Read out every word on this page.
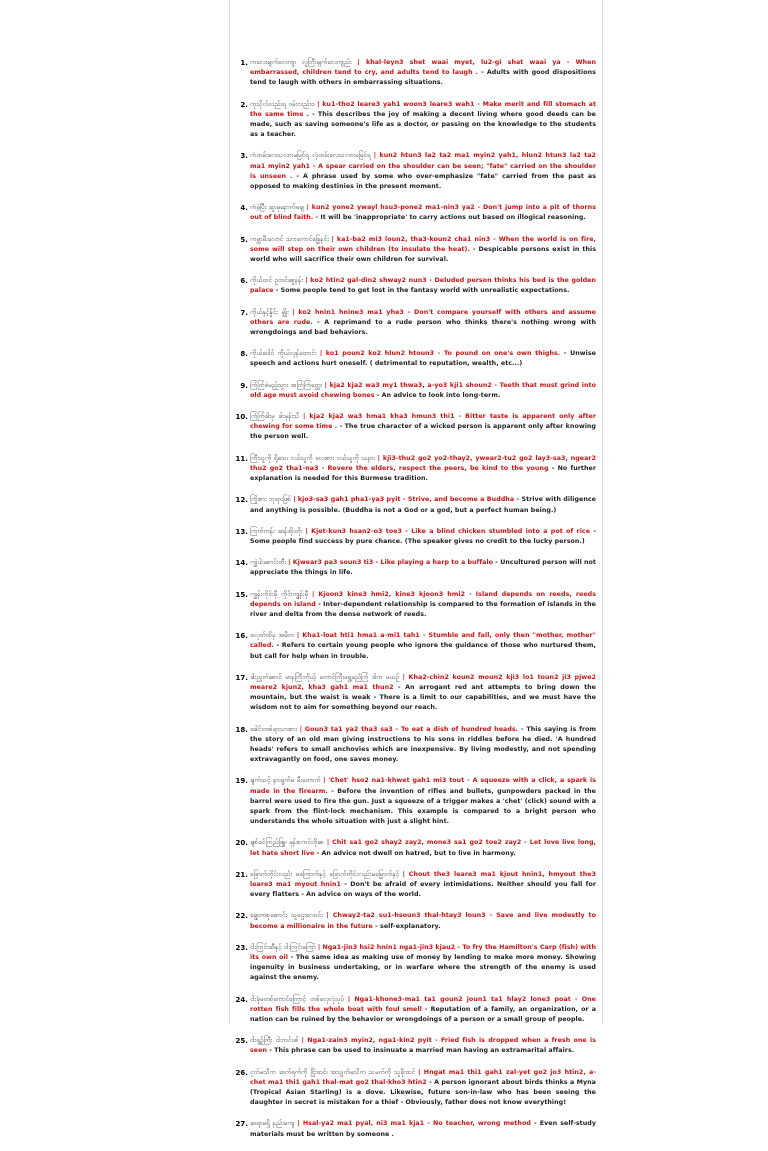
1. ကလေးမျက်လေကျ၊ လူကြီးမျက်လေကျည်း | khal-leyn3 shet waai myet, lu2-gi shat waai ya - When embarrassed, children tend to cry, and adults tend to laugh . - Adults with good dispositions tend to laugh with others in embarrassing situations.
2. ကုသိုလ်လည်းရ ဝမ်းလည်းဝ | ku1-tho2 leare3 yah1 woon3 leare3 wah1 - Make merit and fill stomach at the same time . - This describes the joy of making a decent living where good deeds can be made, such as saving someone's life as a doctor, or passing on the knowledge to the students as a teacher.
3. ကံထမ်းလေသလားမမြင်ရ လှံထမ်းလေသလားမမြင်ရ | kun2 htun3 la2 ta2 ma1 myin2 yah1, hlun2 htun3 la2 ta2 ma1 myin2 yah1 - A spear carried on the shoulder can be seen; "fate" carried on the shoulder is unseen . - A phrase used by some who over-emphasize "fate" carried from the past as opposed to making destinies in the present moment.
4. ကံမဲ့ပြီး ဆူးမှနောက်မချ | kun2 yone2 ywayl hsu3-pone2 ma1-nin3 ya2 - Don't jump into a pit of thorns out of blind faith. - It will be 'inappropriate' to carry actions out based on illogical reasoning.
5. ကမ္ဘာမီးလောင် သားကောင်ခြွေနင်း | ka1-ba2 mi3 loun2, tha3-koun2 cha1 nin3 - When the world is on fire, some will step on their own children (to insulate the heat). - Despicable persons exist in this world who will sacrifice their own children for survival.
6. ကိုယ်ထင် ဥတင်စွေနန်း | ko2 htin2 gal-din2 shway2 nun3 - Deluded person thinks his bed is the golden palace - Some people tend to get lost in the fantasy world with unrealistic expectations.
7. ကိုယ်နှင့်နှိုင်း မျှိုး | ko2 hnin1 hnine3 ma1 yhe3 - Don't compare yourself with others and assume others are rude. - A reprimand to a rude person who thinks there's nothing wrong with wrongdoings and bad behaviors.
8. ကိုယ်ပေါင် ကိုယ်လှန်ထောင်း | ko1 poun2 ko2 hlun2 htoun3 - To pound on one's own thighs. - Unwise speech and actions hurt oneself. ( detrimental to reputation, wealth, etc...)
9. ကြံကြံခဲမည့်သွား အကြံကြံတ္တေး | kja2 kja2 wa3 my1 thwa3, a-yo3 kji1 shoun2 - Teeth that must grind into old age must avoid chewing bones - An advice to look into long-term.
10. ကြံကြံခါးမှ ခါးမှန်းသိ | kja2 kja2 wa3 hma1 kha3 hmun3 thi1 - Bitter taste is apparent only after chewing for some time . - The true character of a wicked person is apparent only after knowing the person well.
11. ကြီးသူကို ရိုသေ၊ ငယ်သူကို လေးစား ငယ်သူကို သနား | kji3-thu2 go2 yo2-thay2, ywear2-tu2 go2 lay3-sa3, ngear2 thu2 go2 tha1-na3 - Revere the elders, respect the peers, be kind to the young - No further explanation is needed for this Burmese tradition.
12. ကြိုးစား ဘုရားဖြစ် | kjo3-sa3 gah1 pha1-ya3 pyit - Strive, and become a Buddha - Strive with diligence and anything is possible. (Buddha is not a God or a god, but a perfect human being.)
13. ကြက်ကန်း ဆန်အိုးတိုး | Kjet-kun3 hsan2-o3 toe3 - Like a blind chicken stumbled into a pot of rice - Some people find success by pure chance. (The speaker gives no credit to the lucky person.)
14. ကျွဲပါးစောင်းတီး | Kjwear3 pa3 soun3 ti3 - Like playing a harp to a buffalo - Uncultured person will not appreciate the things in life.
15. ကျွန်းကိုင်းမှီ ကိုင်းကျွန်းမှီ | Kjoon3 kine3 hmi2, kine3 kjoon3 hmi2 - Island depends on reeds, reeds depends on island - Inter-dependent relationship is compared to the formation of islands in the river and delta from the dense network of reeds.
16. ခလုတ်ထိမှ အမိတ | Kha1-loat hti1 hma1 a-mi1 tah1 - Stumble and fall, only then "mother, mother" called. - Refers to certain young people who ignore the guidance of those who nurtured them, but call for help when in trouble.
17. ခါးညွှတ်စောင် မာနကြီးကိုယ့် တောင်ကြီးရွှေ့မည်ကြံ ဒါက မယဉ် | Kha2-chin2 koun2 moun2 kji3 lo1 toun2 ji3 pjwe2 meare2 kjun2, kha3 gah1 ma1 thun2 - An arrogant red ant attempts to bring down the mountain, but the waist is weak - There is a limit to our capabilities, and we must have the wisdom not to aim for something beyond our reach.
18. ခေါင်းတစ်ရာသားစား | Goun3 ta1 ya2 tha3 sa3 - To eat a dish of hundred heads. - This saying is from the story of an old man giving instructions to his sons in riddles before he died. 'A hundred heads' refers to small anchovies which are inexpensive. By living modestly, and not spending extravagantly on food, one saves money.
19. ချက်သင့် နားရွက်မ မီးတောက် | 'Chet' hso2 na1-khwet gah1 mi3 tout - A squeeze with a click, a spark is made in the firearm. - Before the invention of rifles and bullets, gunpowders packed in the barrel were used to fire the gun. Just a squeeze of a trigger makes a 'chet' (click) sound with a spark from the flint-lock mechanism. This example is compared to a bright person who understands the whole situation with just a slight hint.
20. ချစ်ခင်ကြည်ဖြူ၊ မုန်းစကင်တိုစေ | Chit sa1 go2 shay2 zay2, mone3 sa1 go2 toe2 zay2 - Let love live long, let hate short live - An advice not dwell on hatred, but to live in harmony.
21. ခြောက်တိုင်းလည်း မကြောက်နှင့် ခြောက်တိုင်းလည်းမမြှောက်နှင့် | Chout the3 leare3 ma1 kjout hnin1, hmyout the3 leare3 ma1 myout hnin1 - Don't be afraid of every intimidations. Neither should you fall for every flatters - An advice on ways of the world.
22. ချွေတာစုဆောင်း သူဌေးလောင်း | Chway2-ta2 su1-hsoun3 thal-htay3 loun3 - Save and live modestly to become a millionaire in the future - self-explanatory.
23. ငါးကြင်းဆီနှင့် ငါးကြင်းကြော် | Nga1-jin3 hsi2 hnin1 nga1-jin3 kjau2 - To fry the Hamilton's Carp (fish) with its own oil - The same idea as making use of money by lending to make more money. Showing ingenuity in business undertaking, or in warfare where the strength of the enemy is used against the enemy.
24. ငါးခုံမတစ်ကောင်ကြောင့် တစ်လှေလုံးပုပ် | Nga1-khone3-ma1 ta1 goun2 joun1 ta1 hlay2 lone3 poat - One rotten fish fills the whole boat with foul smell - Reputation of a family, an organization, or a nation can be ruined by the behavior or wrongdoings of a person or a small group of people.
25. ငါးရှဉ့်ကြီး ငါးကင်ပစ် | Nga1-zain3 myin2, nga1-kin2 pyit - Fried fish is dropped when a fresh one is seen - This phrase can be used to insinuate a married man having an extramarital affairs.
26. ငှက်မသိက ဆက်ရက်ကို ငြိုးထင်၊ အသျှက်မသိက သမက်ကို သူခိုးထင် | Hngat ma1 thi1 gah1 zal-yet go2 jo3 htin2, a-chet ma1 thi1 gah1 thal-mat go2 thal-kho3 htin2 - A person ignorant about birds thinks a Myna (Tropical Asian Starling) is a dove. Likewise, future son-in-law who has been seeing the daughter in secret is mistaken for a thief - Obviously, father does not know everything!
27. ဆရာမရှိ နည်းမကျ | Hsal-ya2 ma1 pyal, ni3 ma1 kja1 - No teacher, wrong method - Even self-study materials must be written by someone .
